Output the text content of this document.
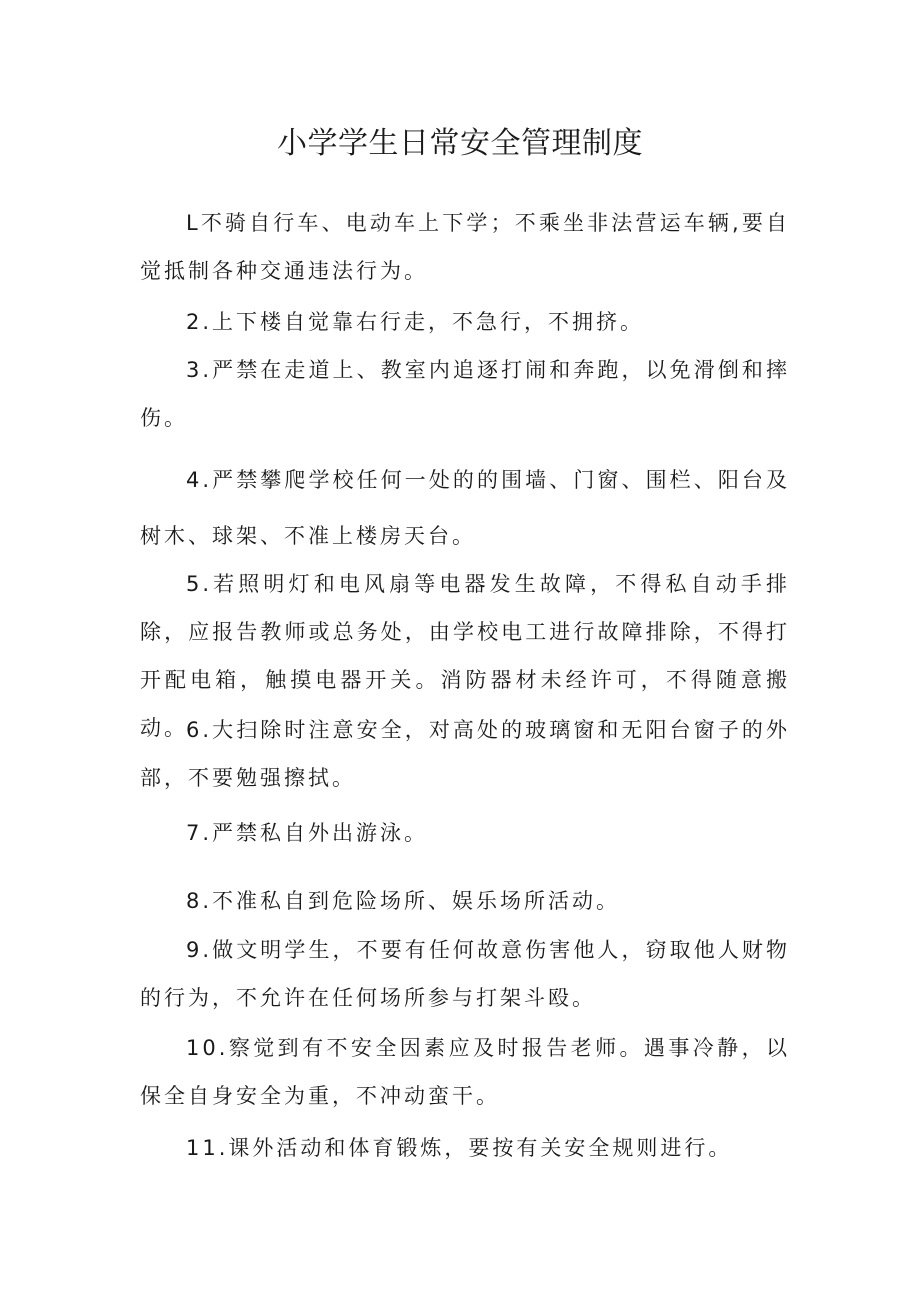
小学学生日常安全管理制度

L不骑自行车、电动车上下学；不乘坐非法营运车辆,要自觉抵制各种交通违法行为。

2.上下楼自觉靠右行走，不急行，不拥挤。

3.严禁在走道上、教室内追逐打闹和奔跑，以免滑倒和摔伤。

4.严禁攀爬学校任何一处的的围墙、门窗、围栏、阳台及树木、球架、不准上楼房天台。

5.若照明灯和电风扇等电器发生故障，不得私自动手排除，应报告教师或总务处，由学校电工进行故障排除，不得打开配电箱，触摸电器开关。消防器材未经许可，不得随意搬动。

6.大扫除时注意安全，对高处的玻璃窗和无阳台窗子的外部，不要勉强擦拭。

7.严禁私自外出游泳。

8.不准私自到危险场所、娱乐场所活动。

9.做文明学生，不要有任何故意伤害他人，窃取他人财物的行为，不允许在任何场所参与打架斗殴。

10.察觉到有不安全因素应及时报告老师。遇事冷静，以保全自身安全为重，不冲动蛮干。

11.课外活动和体育锻炼，要按有关安全规则进行。
